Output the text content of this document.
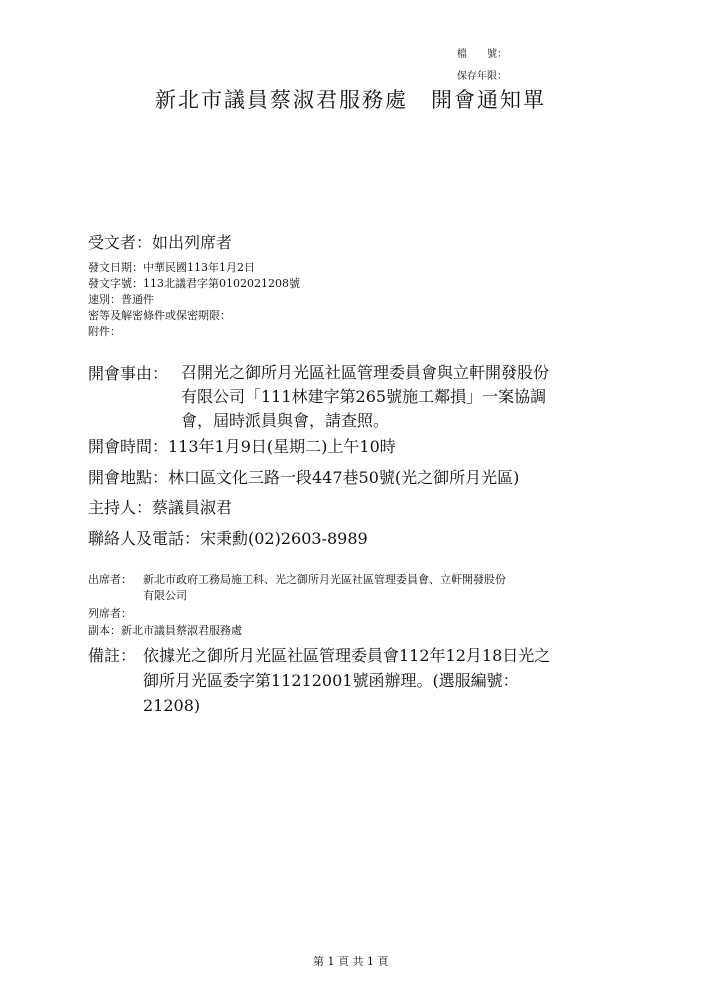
檔　　號：
保存年限：
新北市議員蔡淑君服務處　開會通知單
受文者：如出列席者
發文日期：中華民國113年1月2日
發文字號：113北議君字第0102021208號
速別：普通件
密等及解密條件或保密期限：
附件：
開會事由： 召開光之御所月光區社區管理委員會與立軒開發股份
有限公司「111林建字第265號施工鄰損」一案協調
會，屆時派員與會，請查照。
開會時間：113年1月9日(星期二)上午10時
開會地點：林口區文化三路一段447巷50號(光之御所月光區)
主持人：蔡議員淑君
聯絡人及電話：宋秉勳(02)2603-8989
出席者： 新北市政府工務局施工科、光之御所月光區社區管理委員會、立軒開發股份
有限公司
列席者：
副本：新北市議員蔡淑君服務處
備註： 依據光之御所月光區社區管理委員會112年12月18日光之
御所月光區委字第11212001號函辦理。(選服編號：
21208)
第 1 頁 共 1 頁
